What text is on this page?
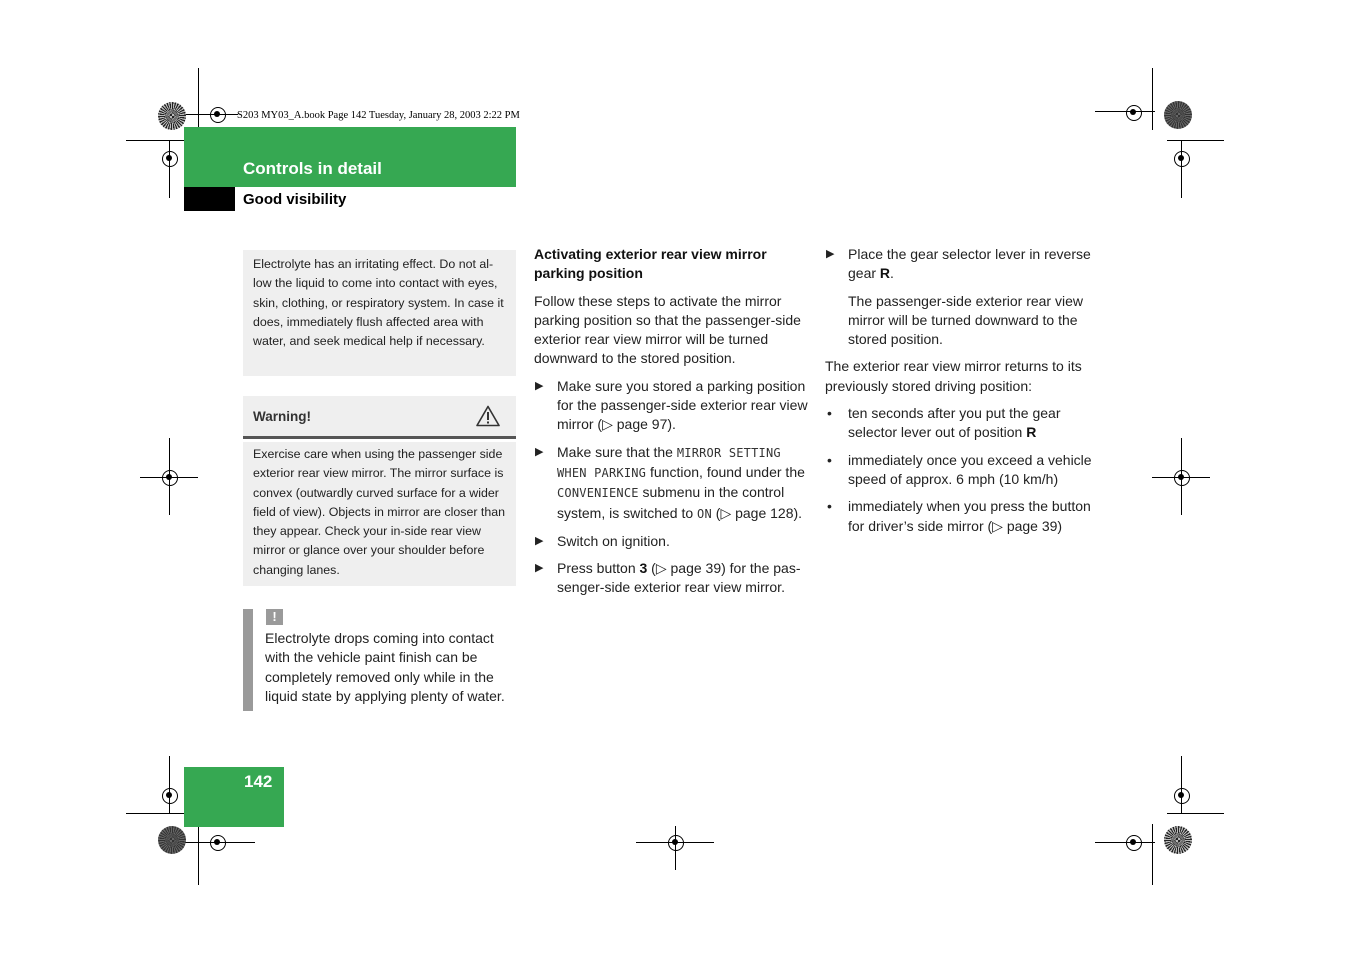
S203 MY03_A.book Page 142 Tuesday, January 28, 2003 2:22 PM
Controls in detail
Good visibility
Electrolyte has an irritating effect. Do not al-low the liquid to come into contact with eyes, skin, clothing, or respiratory system. In case it does, immediately flush affected area with water, and seek medical help if necessary.
Warning!
Exercise care when using the passenger side exterior rear view mirror. The mirror surface is convex (outwardly curved surface for a wider field of view). Objects in mirror are closer than they appear. Check your in-side rear view mirror or glance over your shoulder before changing lanes.
!
Electrolyte drops coming into contact with the vehicle paint finish can be completely removed only while in the liquid state by applying plenty of water.
Activating exterior rear view mirror parking position

Follow these steps to activate the mirror parking position so that the passenger-side exterior rear view mirror will be turned downward to the stored position.

▶ Make sure you stored a parking position for the passenger-side exterior rear view mirror (▷ page 97).
▶ Make sure that the MIRROR SETTING WHEN PARKING function, found under the CONVENIENCE submenu in the control system, is switched to ON (▷ page 128).
▶ Switch on ignition.
▶ Press button 3 (▷ page 39) for the pas-senger-side exterior rear view mirror.
▶ Place the gear selector lever in reverse gear R.

The passenger-side exterior rear view mirror will be turned downward to the stored position.

The exterior rear view mirror returns to its previously stored driving position:

• ten seconds after you put the gear selector lever out of position R
• immediately once you exceed a vehicle speed of approx. 6 mph (10 km/h)
• immediately when you press the button for driver’s side mirror (▷ page 39)
142
